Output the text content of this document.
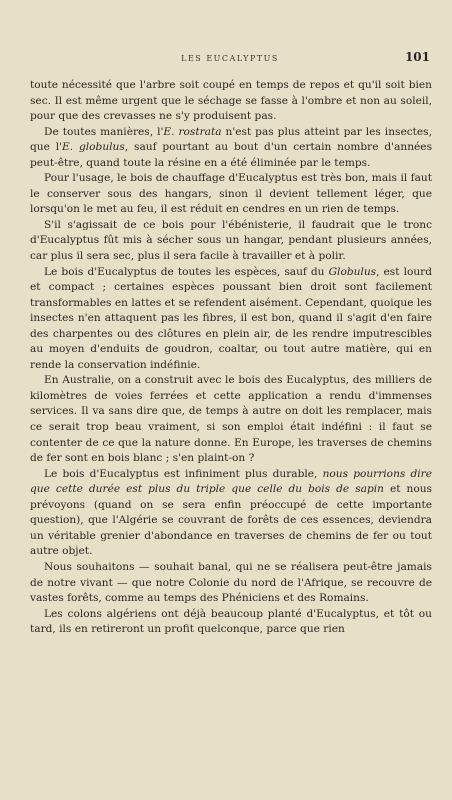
LES EUCALYPTUS	101

toute nécessité que l'arbre soit coupé en temps de repos et qu'il soit bien sec. Il est même urgent que le séchage se fasse à l'ombre et non au soleil, pour que des crevasses ne s'y produisent pas.

De toutes manières, l'E. rostrata n'est pas plus atteint par les insectes, que l'E. globulus, sauf pourtant au bout d'un certain nombre d'années peut-être, quand toute la résine en a été éliminée par le temps.

Pour l'usage, le bois de chauffage d'Eucalyptus est très bon, mais il faut le conserver sous des hangars, sinon il devient tellement léger, que lorsqu'on le met au feu, il est réduit en cendres en un rien de temps.

S'il s'agissait de ce bois pour l'ébénisterie, il faudrait que le tronc d'Eucalyptus fût mis à sécher sous un hangar, pendant plusieurs années, car plus il sera sec, plus il sera facile à travailler et à polir.

Le bois d'Eucalyptus de toutes les espèces, sauf du Globulus, est lourd et compact ; certaines espèces poussant bien droit sont facilement transformables en lattes et se refendent aisément. Cependant, quoique les insectes n'en attaquent pas les fibres, il est bon, quand il s'agit d'en faire des charpentes ou des clôtures en plein air, de les rendre imputrescibles au moyen d'enduits de goudron, coaltar, ou tout autre matière, qui en rende la conservation indéfinie.

En Australie, on a construit avec le bois des Eucalyptus, des milliers de kilomètres de voies ferrées et cette application a rendu d'immenses services. Il va sans dire que, de temps à autre on doit les remplacer, mais ce serait trop beau vraiment, si son emploi était indéfini : il faut se contenter de ce que la nature donne. En Europe, les traverses de chemins de fer sont en bois blanc ; s'en plaint-on ?

Le bois d'Eucalyptus est infiniment plus durable, nous pourrions dire que cette durée est plus du triple que celle du bois de sapin et nous prévoyons (quand on se sera enfin préoccupé de cette importante question), que l'Algérie se couvrant de forêts de ces essences, deviendra un véritable grenier d'abondance en traverses de chemins de fer ou tout autre objet.

Nous souhaitons — souhait banal, qui ne se réalisera peut-être jamais de notre vivant — que notre Colonie du nord de l'Afrique, se recouvre de vastes forêts, comme au temps des Phéniciens et des Romains.

Les colons algériens ont déjà beaucoup planté d'Eucalyptus, et tôt ou tard, ils en retireront un profit quelconque, parce que rien
